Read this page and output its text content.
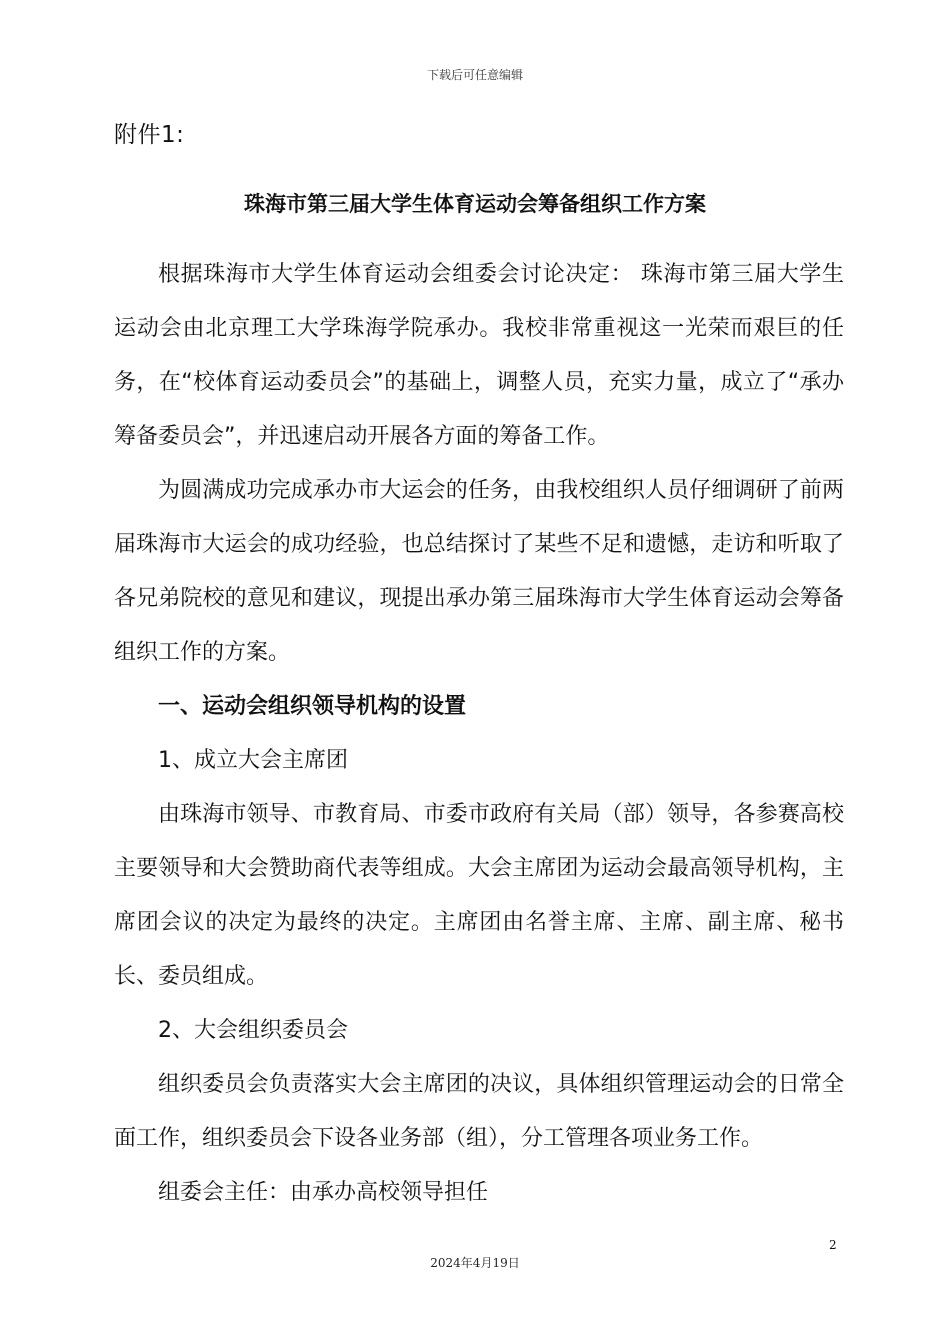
下载后可任意编辑
附件1:
珠海市第三届大学生体育运动会筹备组织工作方案

根据珠海市大学生体育运动会组委会讨论决定： 珠海市第三届大学生运动会由北京理工大学珠海学院承办。我校非常重视这一光荣而艰巨的任务，在“校体育运动委员会”的基础上，调整人员，充实力量，成立了“承办筹备委员会”，并迅速启动开展各方面的筹备工作。

为圆满成功完成承办市大运会的任务，由我校组织人员仔细调研了前两届珠海市大运会的成功经验，也总结探讨了某些不足和遗憾，走访和听取了各兄弟院校的意见和建议，现提出承办第三届珠海市大学生体育运动会筹备组织工作的方案。

一、运动会组织领导机构的设置

1、成立大会主席团

由珠海市领导、市教育局、市委市政府有关局（部）领导，各参赛高校主要领导和大会赞助商代表等组成。大会主席团为运动会最高领导机构，主席团会议的决定为最终的决定。主席团由名誉主席、主席、副主席、秘书长、委员组成。

2、大会组织委员会

组织委员会负责落实大会主席团的决议，具体组织管理运动会的日常全面工作，组织委员会下设各业务部（组），分工管理各项业务工作。

组委会主任：由承办高校领导担任

2
2024年4月19日
